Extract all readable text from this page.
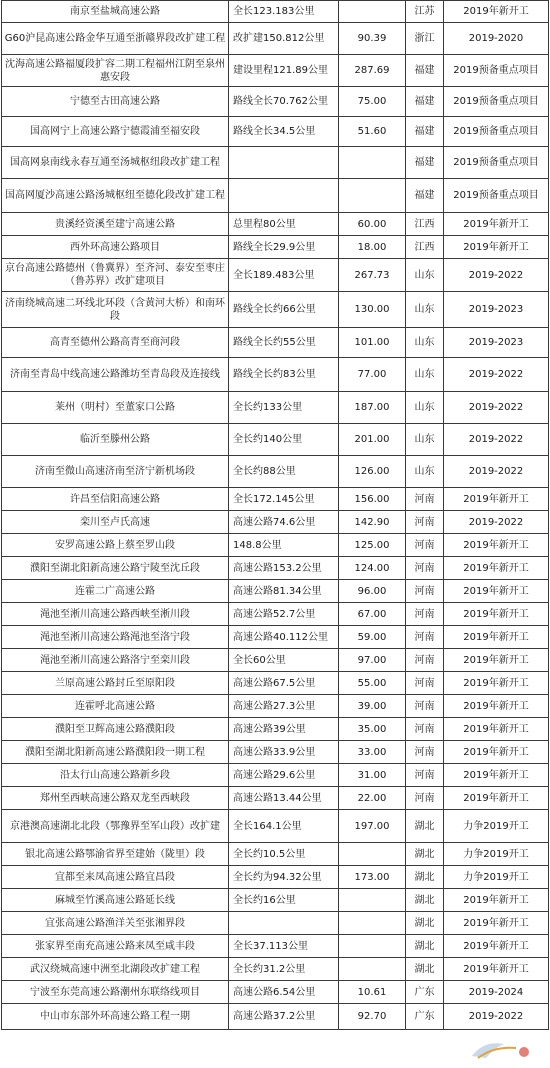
南京至盐城高速公路	全长123.183公里		江苏	2019年新开工
G60沪昆高速公路金华互通至浙赣界段改扩建工程	改扩建150.812公里	90.39	浙江	2019-2020
沈海高速公路福厦段扩容二期工程福州江阴至泉州惠安段	建设里程121.89公里	287.69	福建	2019预备重点项目
宁德至古田高速公路	路线全长70.762公里	75.00	福建	2019预备重点项目
国高网宁上高速公路宁德霞浦至福安段	路线全长34.5公里	51.60	福建	2019预备重点项目
国高网泉南线永春互通至汤城枢纽段改扩建工程			福建	2019预备重点项目
国高网厦沙高速公路汤城枢纽至德化段改扩建工程			福建	2019预备重点项目
贵溪经资溪至建宁高速公路	总里程80公里	60.00	江西	2019年新开工
西外环高速公路项目	路线全长29.9公里	18.00	江西	2019年新开工
京台高速公路德州（鲁冀界）至齐河、泰安至枣庄（鲁苏界）改扩建项目	全长189.483公里	267.73	山东	2019-2022
济南绕城高速二环线北环段（含黄河大桥）和南环段	路线全长约66公里	130.00	山东	2019-2023
高青至德州公路高青至商河段	路线全长约55公里	101.00	山东	2019-2023
济南至青岛中线高速公路潍坊至青岛段及连接线	路线全长约83公里	77.00	山东	2019-2022
莱州（明村）至董家口公路	全长约133公里	187.00	山东	2019-2022
临沂至滕州公路	全长约140公里	201.00	山东	2019-2022
济南至微山高速济南至济宁新机场段	全长约88公里	126.00	山东	2019-2022
许昌至信阳高速公路	全长172.145公里	156.00	河南	2019年新开工
栾川至卢氏高速	高速公路74.6公里	142.90	河南	2019-2022
安罗高速公路上蔡至罗山段	148.8公里	125.00	河南	2019年新开工
濮阳至湖北阳新高速公路宁陵至沈丘段	高速公路153.2公里	124.00	河南	2019年新开工
连霍二广高速公路	高速公路81.34公里	96.00	河南	2019年新开工
渑池至淅川高速公路西峡至淅川段	高速公路52.7公里	67.00	河南	2019年新开工
渑池至淅川高速公路渑池至洛宁段	高速公路40.112公里	59.00	河南	2019年新开工
渑池至淅川高速公路洛宁至栾川段	全长60公里	97.00	河南	2019年新开工
兰原高速公路封丘至原阳段	高速公路67.5公里	55.00	河南	2019年新开工
连霍呼北高速公路	高速公路27.3公里	39.00	河南	2019年新开工
濮阳至卫辉高速公路濮阳段	高速公路39公里	35.00	河南	2019年新开工
濮阳至湖北阳新高速公路濮阳段一期工程	高速公路33.9公里	33.00	河南	2019年新开工
沿太行山高速公路新乡段	高速公路29.6公里	31.00	河南	2019年新开工
郑州至西峡高速公路双龙至西峡段	高速公路13.44公里	22.00	河南	2019年新开工
京港澳高速湖北北段（鄂豫界至军山段）改扩建	全长164.1公里	197.00	湖北	力争2019开工
银北高速公路鄂渝省界至建始（陇里）段	全长约10.5公里		湖北	力争2019开工
宜都至来凤高速公路宜昌段	全长约为94.32公里	173.00	湖北	力争2019开工
麻城至竹溪高速公路延长线	全长约16公里		湖北	2019年新开工
宜张高速公路渔洋关至张湘界段			湖北	2019年新开工
张家界至南充高速公路来凤至咸丰段	全长37.113公里		湖北	2019年新开工
武汉绕城高速中洲至北湖段改扩建工程	全长约31.2公里		湖北	2019年新开工
宁波至东莞高速公路潮州东联络线项目	高速公路6.54公里	10.61	广东	2019-2024
中山市东部外环高速公路工程一期	高速公路37.2公里	92.70	广东	2019-2022
